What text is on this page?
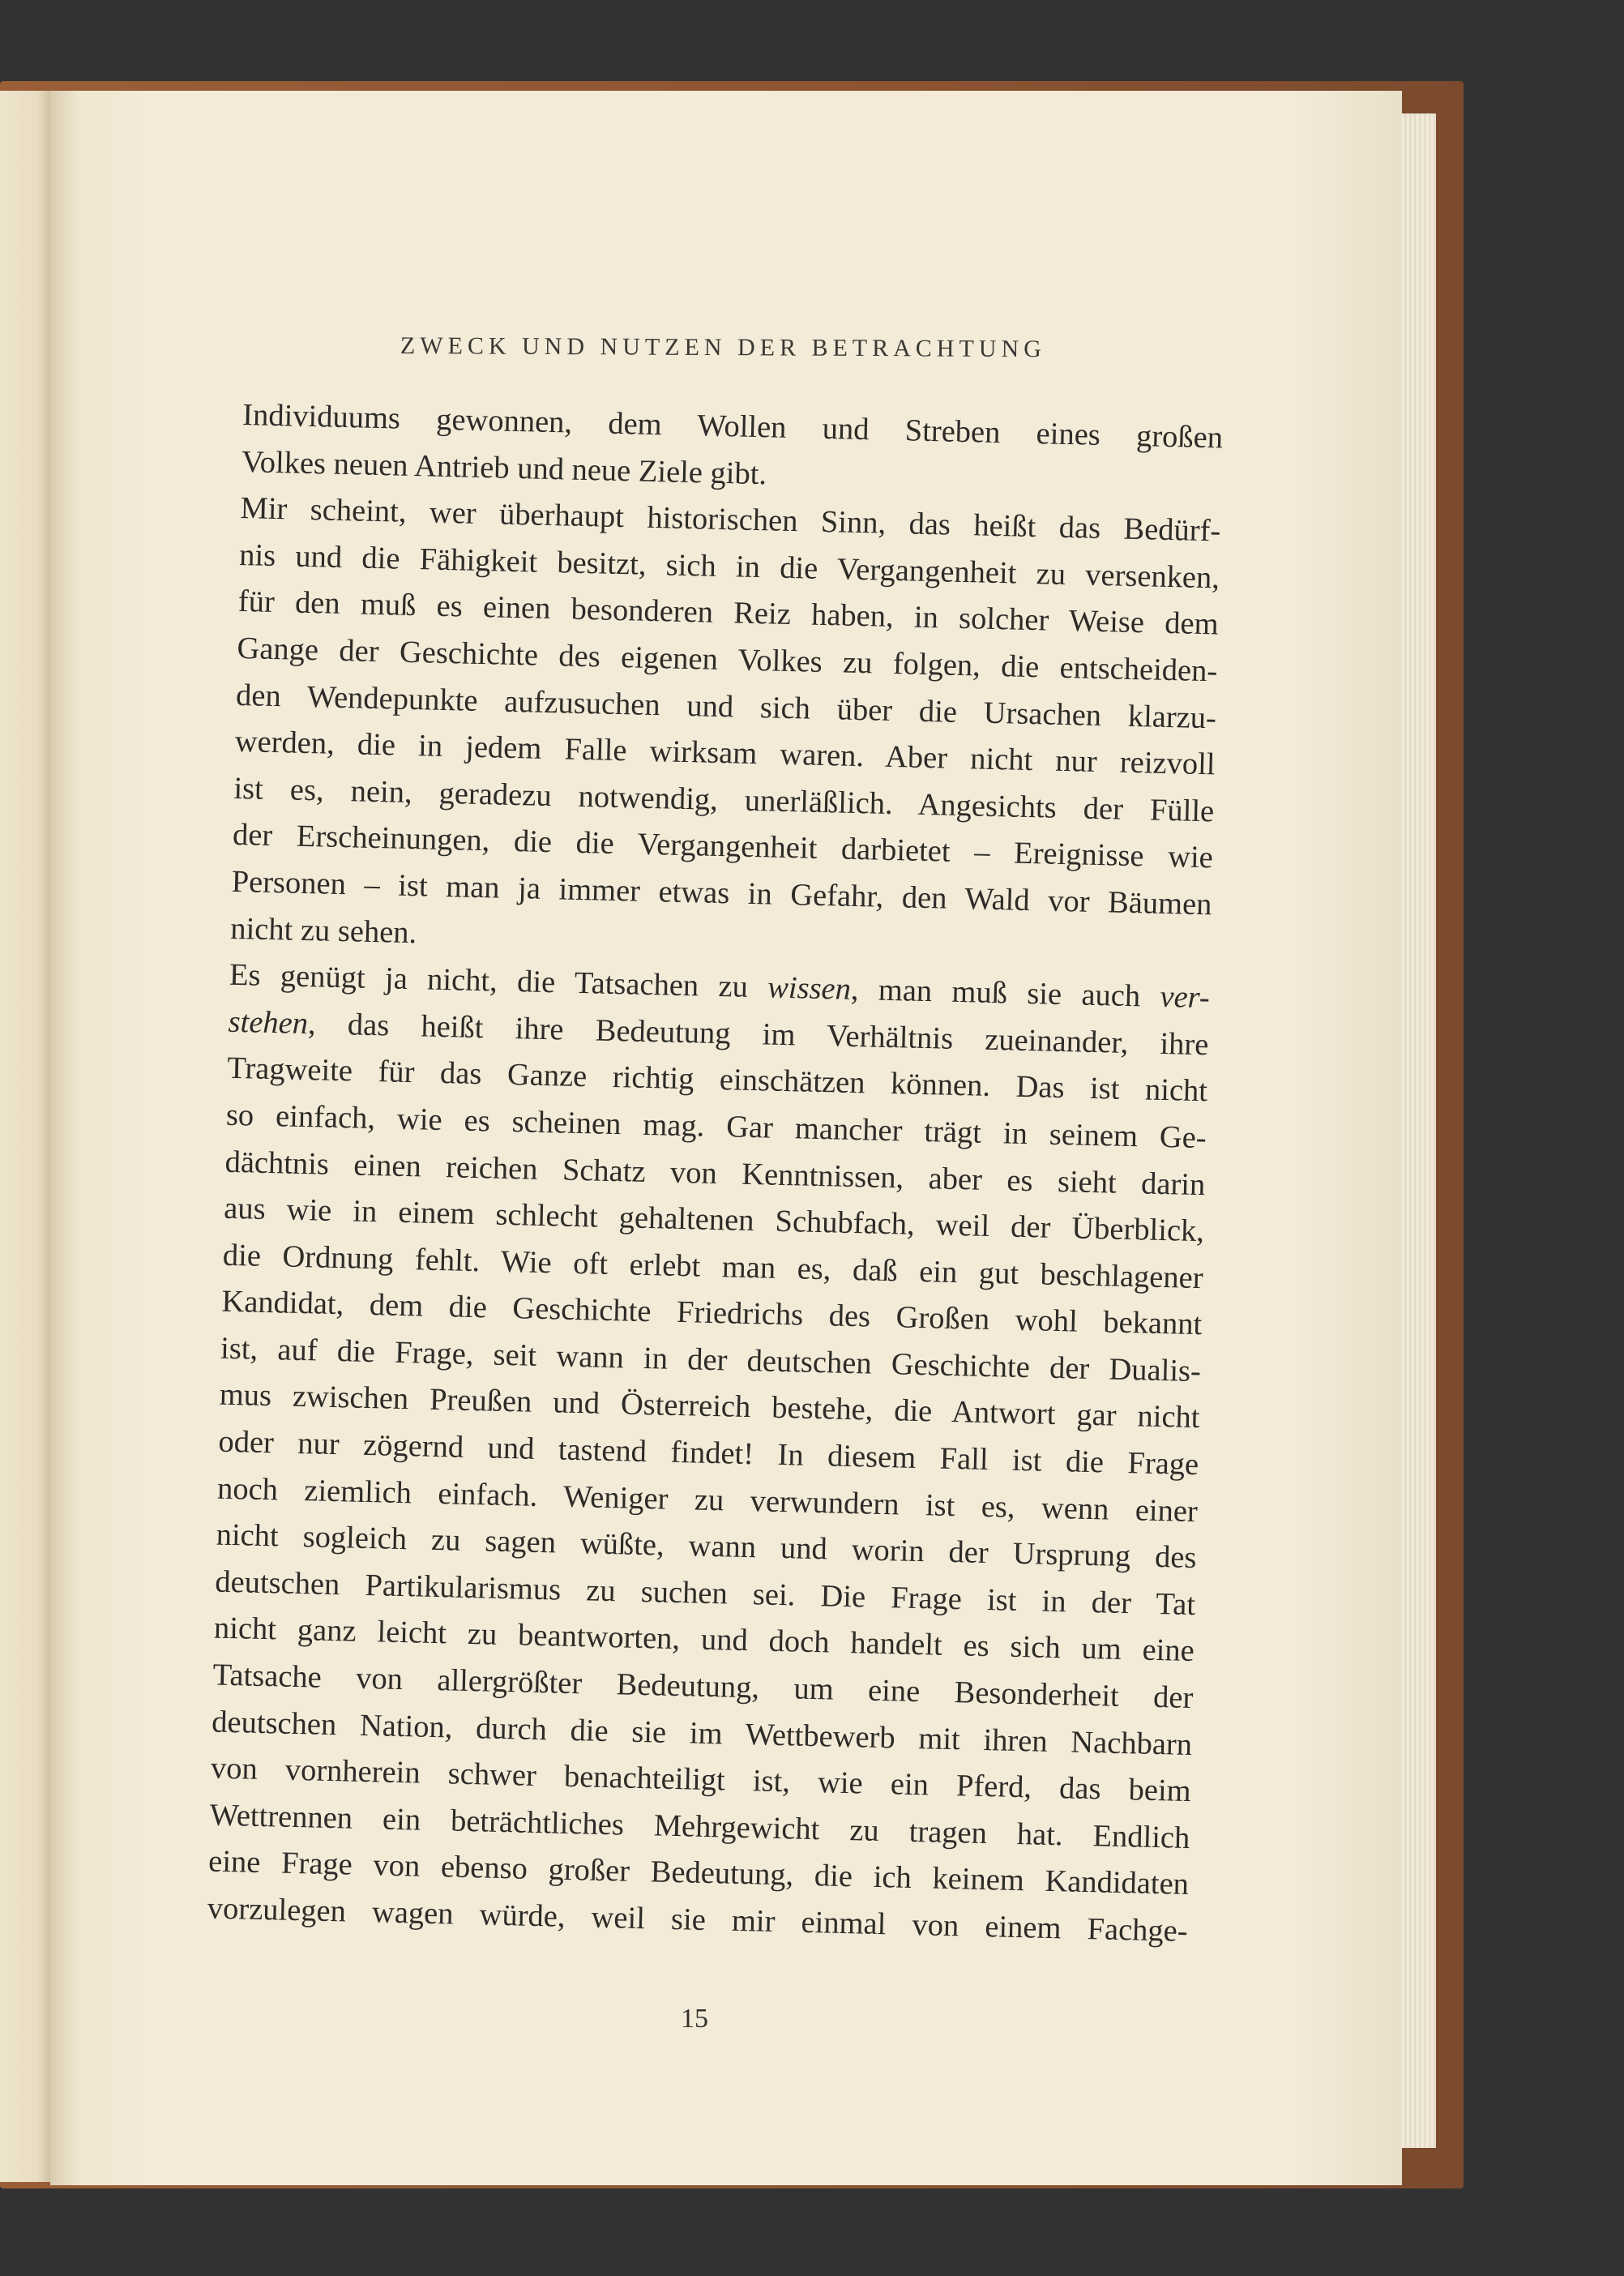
ZWECK UND NUTZEN DER BETRACHTUNG
Individuums gewonnen, dem Wollen und Streben eines großen
Volkes neuen Antrieb und neue Ziele gibt.
Mir scheint, wer überhaupt historischen Sinn, das heißt das Bedürf-
nis und die Fähigkeit besitzt, sich in die Vergangenheit zu versenken,
für den muß es einen besonderen Reiz haben, in solcher Weise dem
Gange der Geschichte des eigenen Volkes zu folgen, die entscheiden-
den Wendepunkte aufzusuchen und sich über die Ursachen klarzu-
werden, die in jedem Falle wirksam waren. Aber nicht nur reizvoll
ist es, nein, geradezu notwendig, unerläßlich. Angesichts der Fülle
der Erscheinungen, die die Vergangenheit darbietet – Ereignisse wie
Personen – ist man ja immer etwas in Gefahr, den Wald vor Bäumen
nicht zu sehen.
Es genügt ja nicht, die Tatsachen zu wissen, man muß sie auch ver-
stehen, das heißt ihre Bedeutung im Verhältnis zueinander, ihre
Tragweite für das Ganze richtig einschätzen können. Das ist nicht
so einfach, wie es scheinen mag. Gar mancher trägt in seinem Ge-
dächtnis einen reichen Schatz von Kenntnissen, aber es sieht darin
aus wie in einem schlecht gehaltenen Schubfach, weil der Überblick,
die Ordnung fehlt. Wie oft erlebt man es, daß ein gut beschlagener
Kandidat, dem die Geschichte Friedrichs des Großen wohl bekannt
ist, auf die Frage, seit wann in der deutschen Geschichte der Dualis-
mus zwischen Preußen und Österreich bestehe, die Antwort gar nicht
oder nur zögernd und tastend findet! In diesem Fall ist die Frage
noch ziemlich einfach. Weniger zu verwundern ist es, wenn einer
nicht sogleich zu sagen wüßte, wann und worin der Ursprung des
deutschen Partikularismus zu suchen sei. Die Frage ist in der Tat
nicht ganz leicht zu beantworten, und doch handelt es sich um eine
Tatsache von allergrößter Bedeutung, um eine Besonderheit der
deutschen Nation, durch die sie im Wettbewerb mit ihren Nachbarn
von vornherein schwer benachteiligt ist, wie ein Pferd, das beim
Wettrennen ein beträchtliches Mehrgewicht zu tragen hat. Endlich
eine Frage von ebenso großer Bedeutung, die ich keinem Kandidaten
vorzulegen wagen würde, weil sie mir einmal von einem Fachge-
15
